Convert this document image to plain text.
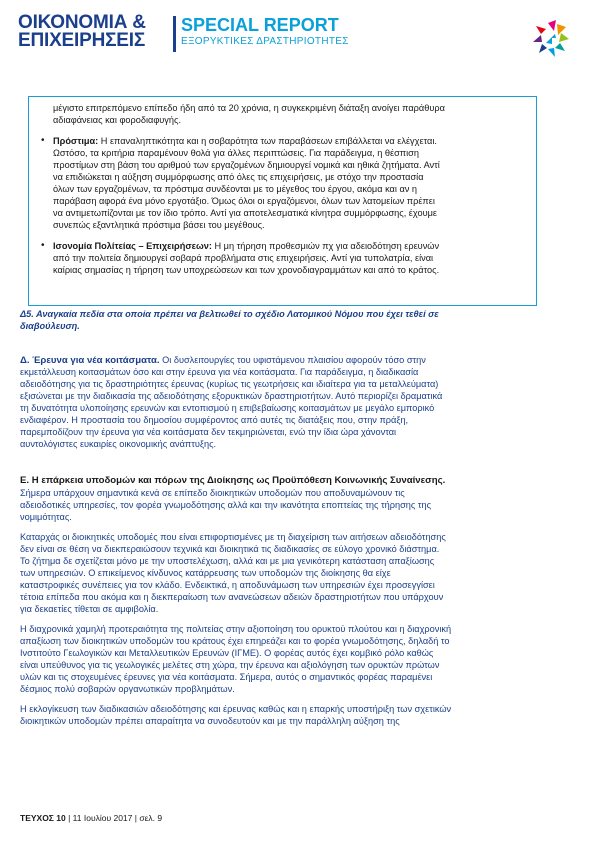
ΟΙΚΟΝΟΜΙΑ &
ΕΠΙΧΕΙΡΗΣΕΙΣ
SPECIAL REPORT
ΕΞΟΡΥΚΤΙΚΕΣ ΔΡΑΣΤΗΡΙΟΤΗΤΕΣ

μέγιστο επιτρεπόμενο επίπεδο ήδη από τα 20 χρόνια, η συγκεκριμένη διάταξη ανοίγει παράθυρα

αδιαφάνειας και φοροδιαφυγής.

• Πρόστιμα: Η επαναληπτικότητα και η σοβαρότητα των παραβάσεων επιβάλλεται να ελέγχεται.

Ωστόσο, τα κριτήρια παραμένουν θολά για άλλες περιπτώσεις. Για παράδειγμα, η θέσπιση

προστίμων στη βάση του αριθμού των εργαζομένων δημιουργεί νομικά και ηθικά ζητήματα. Αντί

να επιδιώκεται η αύξηση συμμόρφωσης από όλες τις επιχειρήσεις, με στόχο την προστασία

όλων των εργαζομένων, τα πρόστιμα συνδέονται με το μέγεθος του έργου, ακόμα και αν η

παράβαση αφορά ένα μόνο εργοτάξιο. Όμως όλοι οι εργαζόμενοι, όλων των λατομείων πρέπει

να αντιμετωπίζονται με τον ίδιο τρόπο. Αντί για αποτελεσματικά κίνητρα συμμόρφωσης, έχουμε

συνεπώς εξαντλητικά πρόστιμα βάσει του μεγέθους.

• Ισονομία Πολίτείας – Επιχειρήσεων: Η μη τήρηση προθεσμιών πχ για αδειοδότηση ερευνών

από την πολιτεία δημιουργεί σοβαρά προβλήματα στις επιχειρήσεις. Αντί για τυπολατρία, είναι

καίριας σημασίας η τήρηση των υποχρεώσεων και των χρονοδιαγραμμάτων και από το κράτος.

Δ5. Αναγκαία πεδία στα οποία πρέπει να βελτιωθεί το σχέδιο Λατομικού Νόμου που έχει τεθεί σε

διαβούλευση.

Δ. Έρευνα για νέα κοιτάσματα. Οι δυσλειτουργίες του υφιστάμενου πλαισίου αφορούν τόσο στην

εκμετάλλευση κοιτασμάτων όσο και στην έρευνα για νέα κοιτάσματα. Για παράδειγμα, η διαδικασία

αδειοδότησης για τις δραστηριότητες έρευνας (κυρίως τις γεωτρήσεις και ιδιαίτερα για τα μεταλλεύματα)

εξισώνεται με την διαδικασία της αδειοδότησης εξορυκτικών δραστηριοτήτων. Αυτό περιορίζει δραματικά

τη δυνατότητα υλοποίησης ερευνών και εντοπισμού η επιβεβαίωσης κοιτασμάτων με μεγάλο εμπορικό

ενδιαφέρον. Η προστασία του δημοσίου συμφέροντος από αυτές τις διατάξεις που, στην πράξη,

παρεμποδίζουν την έρευνα για νέα κοιτάσματα δεν τεκμηριώνεται, ενώ την ίδια ώρα χάνονται

αυντολόγιστες ευκαιρίες οικονομικής ανάπτυξης.

Ε. Η επάρκεια υποδομών και πόρων της Διοίκησης ως Προϋπόθεση Κοινωνικής Συναίνεσης.

Σήμερα υπάρχουν σημαντικά κενά σε επίπεδο διοικητικών υποδομών που αποδυναμώνουν τις

αδειοδοτικές υπηρεσίες, τον φορέα γνωμοδότησης αλλά και την ικανότητα εποπτείας της τήρησης της

νομιμότητας.

Καταρχάς οι διοικητικές υποδομές που είναι επιφορτισμένες με τη διαχείριση των αιτήσεων αδειοδότησης

δεν είναι σε θέση να διεκπεραιώσουν τεχνικά και διοικητικά τις διαδικασίες σε εύλογο χρονικό διάστημα.

Το ζήτημα δε σχετίζεται μόνο με την υποστελέχωση, αλλά και με μια γενικότερη κατάσταση απαξίωσης

των υπηρεσιών. Ο επικείμενος κίνδυνος κατάρρευσης των υποδομών της διοίκησης θα είχε

καταστροφικές συνέπειες για τον κλάδο. Ενδεικτικά, η αποδυνάμωση των υπηρεσιών έχει προσεγγίσει

τέτοια επίπεδα που ακόμα και η διεκπεραίωση των ανανεώσεων αδειών δραστηριοτήτων που υπάρχουν

για δεκαετίες τίθεται σε αμφιβολία.

Η διαχρονικά χαμηλή προτεραιότητα της πολιτείας στην αξιοποίηση του ορυκτού πλούτου και η διαχρονική

απαξίωση των διοικητικών υποδομών του κράτους έχει επηρεάζει και το φορέα γνωμοδότησης, δηλαδή το

Ινστιτούτο Γεωλογικών και Μεταλλευτικών Ερευνών (ΙΓΜΕ). Ο φορέας αυτός έχει κομβικό ρόλο καθώς

είναι υπεύθυνος για τις γεωλογικές μελέτες στη χώρα, την έρευνα και αξιολόγηση των ορυκτών πρώτων

υλών και τις στοχευμένες έρευνες για νέα κοιτάσματα. Σήμερα, αυτός ο σημαντικός φορέας παραμένει

δέσμιος πολύ σοβαρών οργανωτικών προβλημάτων.

Η εκλογίκευση των διαδικασιών αδειοδότησης και έρευνας καθώς και η επαρκής υποστήριξη των σχετικών

διοικητικών υποδομών πρέπει απαραίτητα να συνοδευτούν και με την παράλληλη αύξηση της

ΤΕΥΧΟΣ 10 | 11 Ιουλίου 2017 | σελ. 9
